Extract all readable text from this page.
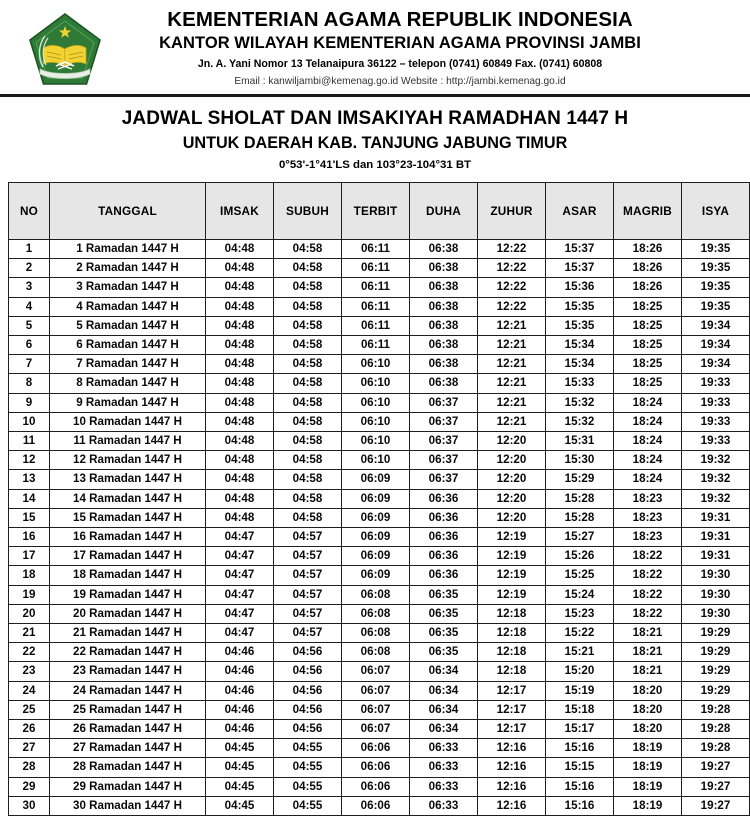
KEMENTERIAN AGAMA REPUBLIK INDONESIA
KANTOR WILAYAH KEMENTERIAN AGAMA PROVINSI JAMBI
Jn. A. Yani Nomor 13 Telanaipura 36122 – telepon (0741) 60849 Fax. (0741) 60808
Email : kanwiljambi@kemenag.go.id Website : http://jambi.kemenag.go.id
JADWAL SHOLAT DAN IMSAKIYAH RAMADHAN 1447 H
UNTUK DAERAH KAB. TANJUNG JABUNG TIMUR
0°53'-1°41'LS dan 103°23-104°31 BT
NO	TANGGAL	IMSAK	SUBUH	TERBIT	DUHA	ZUHUR	ASAR	MAGRIB	ISYA
1	1 Ramadan 1447 H	04:48	04:58	06:11	06:38	12:22	15:37	18:26	19:35
2	2 Ramadan 1447 H	04:48	04:58	06:11	06:38	12:22	15:37	18:26	19:35
3	3 Ramadan 1447 H	04:48	04:58	06:11	06:38	12:22	15:36	18:26	19:35
4	4 Ramadan 1447 H	04:48	04:58	06:11	06:38	12:22	15:35	18:25	19:35
5	5 Ramadan 1447 H	04:48	04:58	06:11	06:38	12:21	15:35	18:25	19:34
6	6 Ramadan 1447 H	04:48	04:58	06:11	06:38	12:21	15:34	18:25	19:34
7	7 Ramadan 1447 H	04:48	04:58	06:10	06:38	12:21	15:34	18:25	19:34
8	8 Ramadan 1447 H	04:48	04:58	06:10	06:38	12:21	15:33	18:25	19:33
9	9 Ramadan 1447 H	04:48	04:58	06:10	06:37	12:21	15:32	18:24	19:33
10	10 Ramadan 1447 H	04:48	04:58	06:10	06:37	12:21	15:32	18:24	19:33
11	11 Ramadan 1447 H	04:48	04:58	06:10	06:37	12:20	15:31	18:24	19:33
12	12 Ramadan 1447 H	04:48	04:58	06:10	06:37	12:20	15:30	18:24	19:32
13	13 Ramadan 1447 H	04:48	04:58	06:09	06:37	12:20	15:29	18:24	19:32
14	14 Ramadan 1447 H	04:48	04:58	06:09	06:36	12:20	15:28	18:23	19:32
15	15 Ramadan 1447 H	04:48	04:58	06:09	06:36	12:20	15:28	18:23	19:31
16	16 Ramadan 1447 H	04:47	04:57	06:09	06:36	12:19	15:27	18:23	19:31
17	17 Ramadan 1447 H	04:47	04:57	06:09	06:36	12:19	15:26	18:22	19:31
18	18 Ramadan 1447 H	04:47	04:57	06:09	06:36	12:19	15:25	18:22	19:30
19	19 Ramadan 1447 H	04:47	04:57	06:08	06:35	12:19	15:24	18:22	19:30
20	20 Ramadan 1447 H	04:47	04:57	06:08	06:35	12:18	15:23	18:22	19:30
21	21 Ramadan 1447 H	04:47	04:57	06:08	06:35	12:18	15:22	18:21	19:29
22	22 Ramadan 1447 H	04:46	04:56	06:08	06:35	12:18	15:21	18:21	19:29
23	23 Ramadan 1447 H	04:46	04:56	06:07	06:34	12:18	15:20	18:21	19:29
24	24 Ramadan 1447 H	04:46	04:56	06:07	06:34	12:17	15:19	18:20	19:29
25	25 Ramadan 1447 H	04:46	04:56	06:07	06:34	12:17	15:18	18:20	19:28
26	26 Ramadan 1447 H	04:46	04:56	06:07	06:34	12:17	15:17	18:20	19:28
27	27 Ramadan 1447 H	04:45	04:55	06:06	06:33	12:16	15:16	18:19	19:28
28	28 Ramadan 1447 H	04:45	04:55	06:06	06:33	12:16	15:15	18:19	19:27
29	29 Ramadan 1447 H	04:45	04:55	06:06	06:33	12:16	15:16	18:19	19:27
30	30 Ramadan 1447 H	04:45	04:55	06:06	06:33	12:16	15:16	18:19	19:27
